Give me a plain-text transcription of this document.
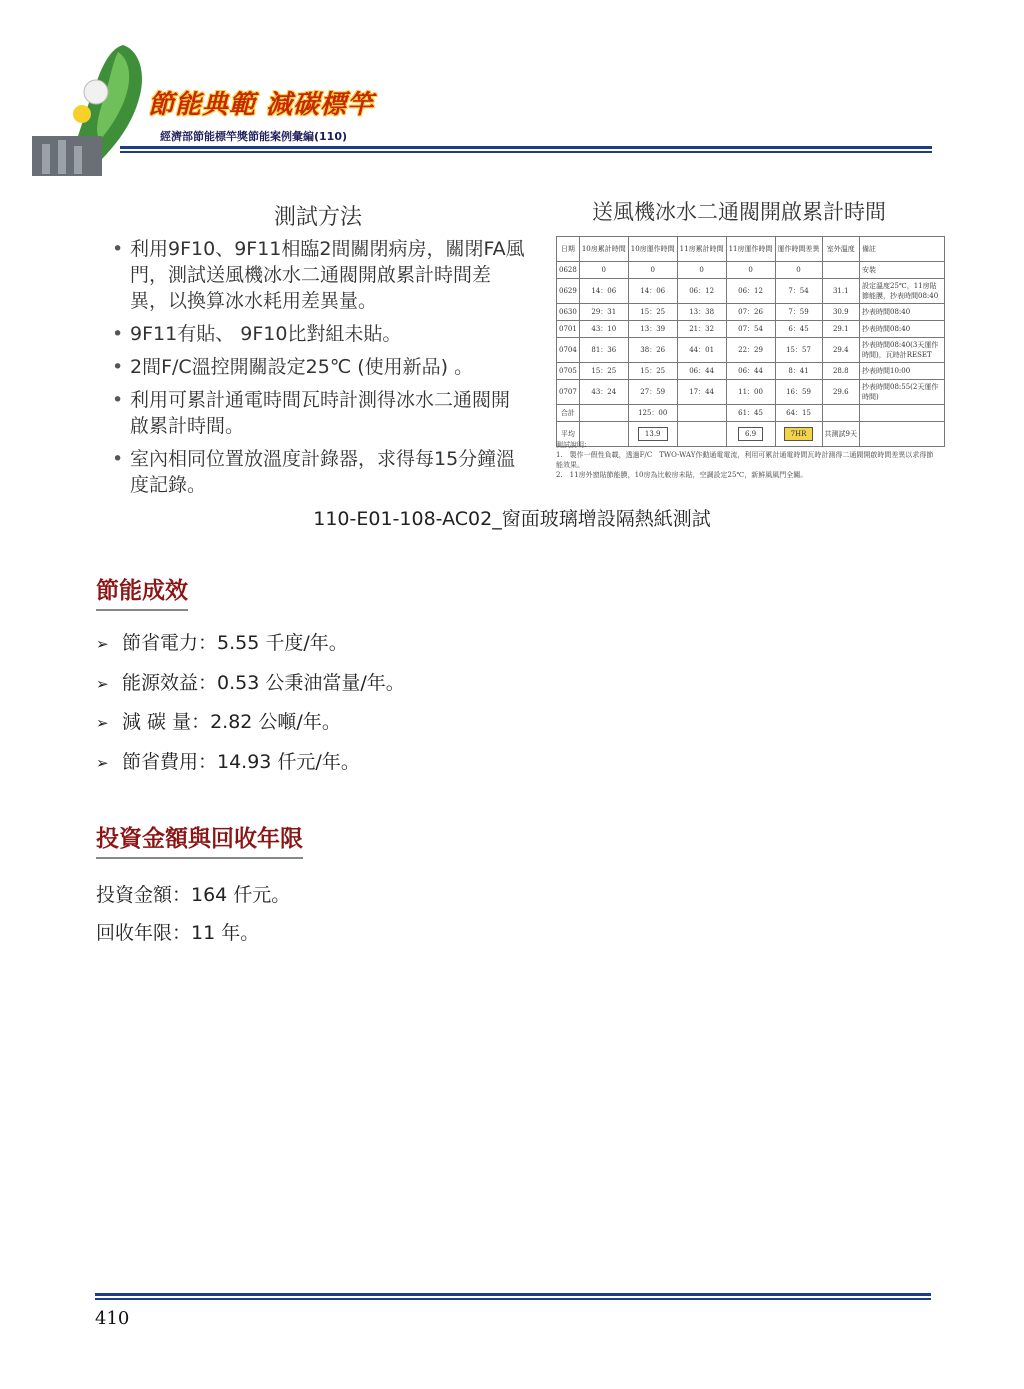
節能典範 減碳標竿
經濟部節能標竿獎節能案例彙編(110)
測試方法
• 利用9F10、9F11相臨2間關閉病房，關閉FA風門，測試送風機冰水二通閥開啟累計時間差異，以換算冰水耗用差異量。
• 9F11有貼、 9F10比對組未貼。
• 2間F/C溫控開關設定25℃ (使用新品) 。
• 利用可累計通電時間瓦時計測得冰水二通閥開啟累計時間。
• 室內相同位置放溫度計錄器，求得每15分鐘溫度記錄。
送風機冰水二通閥開啟累計時間
日期	10房累計時間	10房運作時間	11房累計時間	11房運作時間	運作時間差異	室外溫度	備註
0628	0	0	0	0	0		安裝
0629	14：06	14：06	06：12	06：12	7：54	31.1	設定溫度25℃，11房貼節能膜，抄表時間08:40
0630	29：31	15：25	13：38	07：26	7：59	30.9	抄表時間08:40
0701	43：10	13：39	21：32	07：54	6：45	29.1	抄表時間08:40
0704	81：36	38：26	44：01	22：29	15：57	29.4	抄表時間08:40(3天運作時間)，瓦時計RESET
0705	15：25	15：25	06：44	06：44	8：41	28.8	抄表時間10:00
0707	43：24	27：59	17：44	11：00	16：59	29.6	抄表時間08:55(2天運作時間)
合計		125：00		61：45	64：15		
平均		13.9		6.9	7HR	共測試9天	
測試說明：
1.　製作一假性負載，透過F/C　TWO-WAY作動通電電流，利用可累計通電時間瓦時計測得二通閥開啟時間差異以求得節能效果。
2.　11房外窗貼節能膜，10房為比較房未貼，空調設定25℃，新鮮風風門全關。
110-E01-108-AC02_窗面玻璃增設隔熱紙測試
節能成效
➢ 節省電力：5.55 千度/年。
➢ 能源效益：0.53 公秉油當量/年。
➢ 減 碳 量：2.82 公噸/年。
➢ 節省費用：14.93 仟元/年。
投資金額與回收年限
投資金額：164 仟元。
回收年限：11 年。
410
